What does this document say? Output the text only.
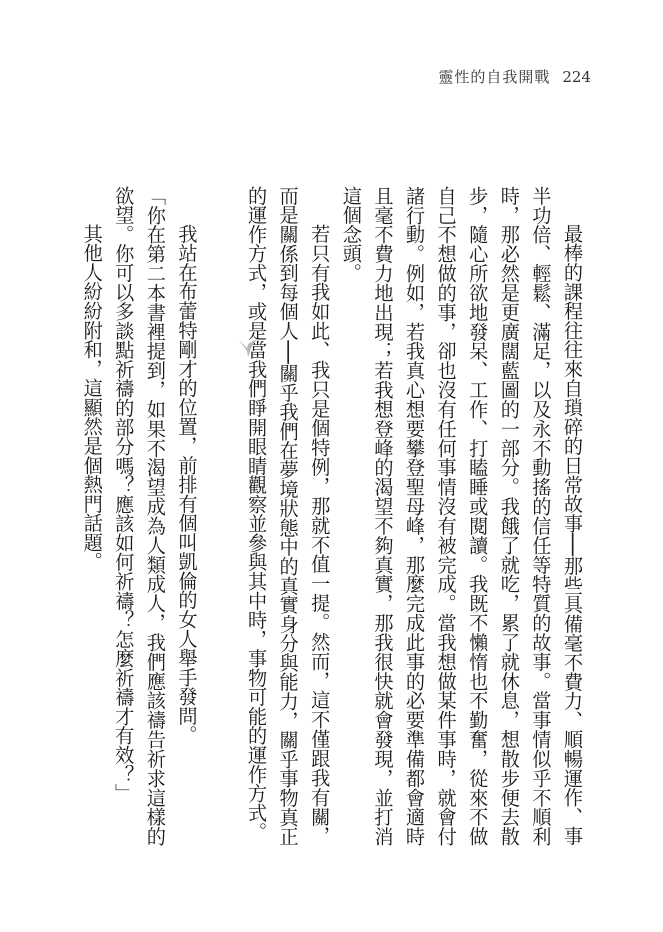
靈性的自我開戰 224

最棒的課程往往來自瑣碎的日常故事──那些具備毫不費力、順暢運作、事半功倍、輕鬆、滿足，以及永不動搖的信任等特質的故事。當事情似乎不順利時，那必然是更廣闊藍圖的一部分。我餓了就吃，累了就休息，想散步便去散步，隨心所欲地發呆、工作、打瞌睡或閱讀。我既不懶惰也不勤奮，從來不做自己不想做的事，卻也沒有任何事情沒有被完成。當我想做某件事時，就會付諸行動。例如，若我真心想要攀登聖母峰，那麼完成此事的必要準備都會適時且毫不費力地出現；若我想登峰的渴望不夠真實，那我很快就會發現，並打消這個念頭。

若只有我如此、我只是個特例，那就不值一提。然而，這不僅跟我有關，而是關係到每個人──關乎我們在夢境狀態中的真實身分與能力，關乎事物真正的運作方式，或是當我們睜開眼睛觀察並參與其中時，事物可能的運作方式。

我站在布蕾特剛才的位置，前排有個叫凱倫的女人舉手發問。

「你在第二本書裡提到，如果不渴望成為人類成人，我們應該禱告祈求這樣的欲望。你可以多談點祈禱的部分嗎？應該如何祈禱？怎麼祈禱才有效？」

其他人紛紛附和，這顯然是個熱門話題。
